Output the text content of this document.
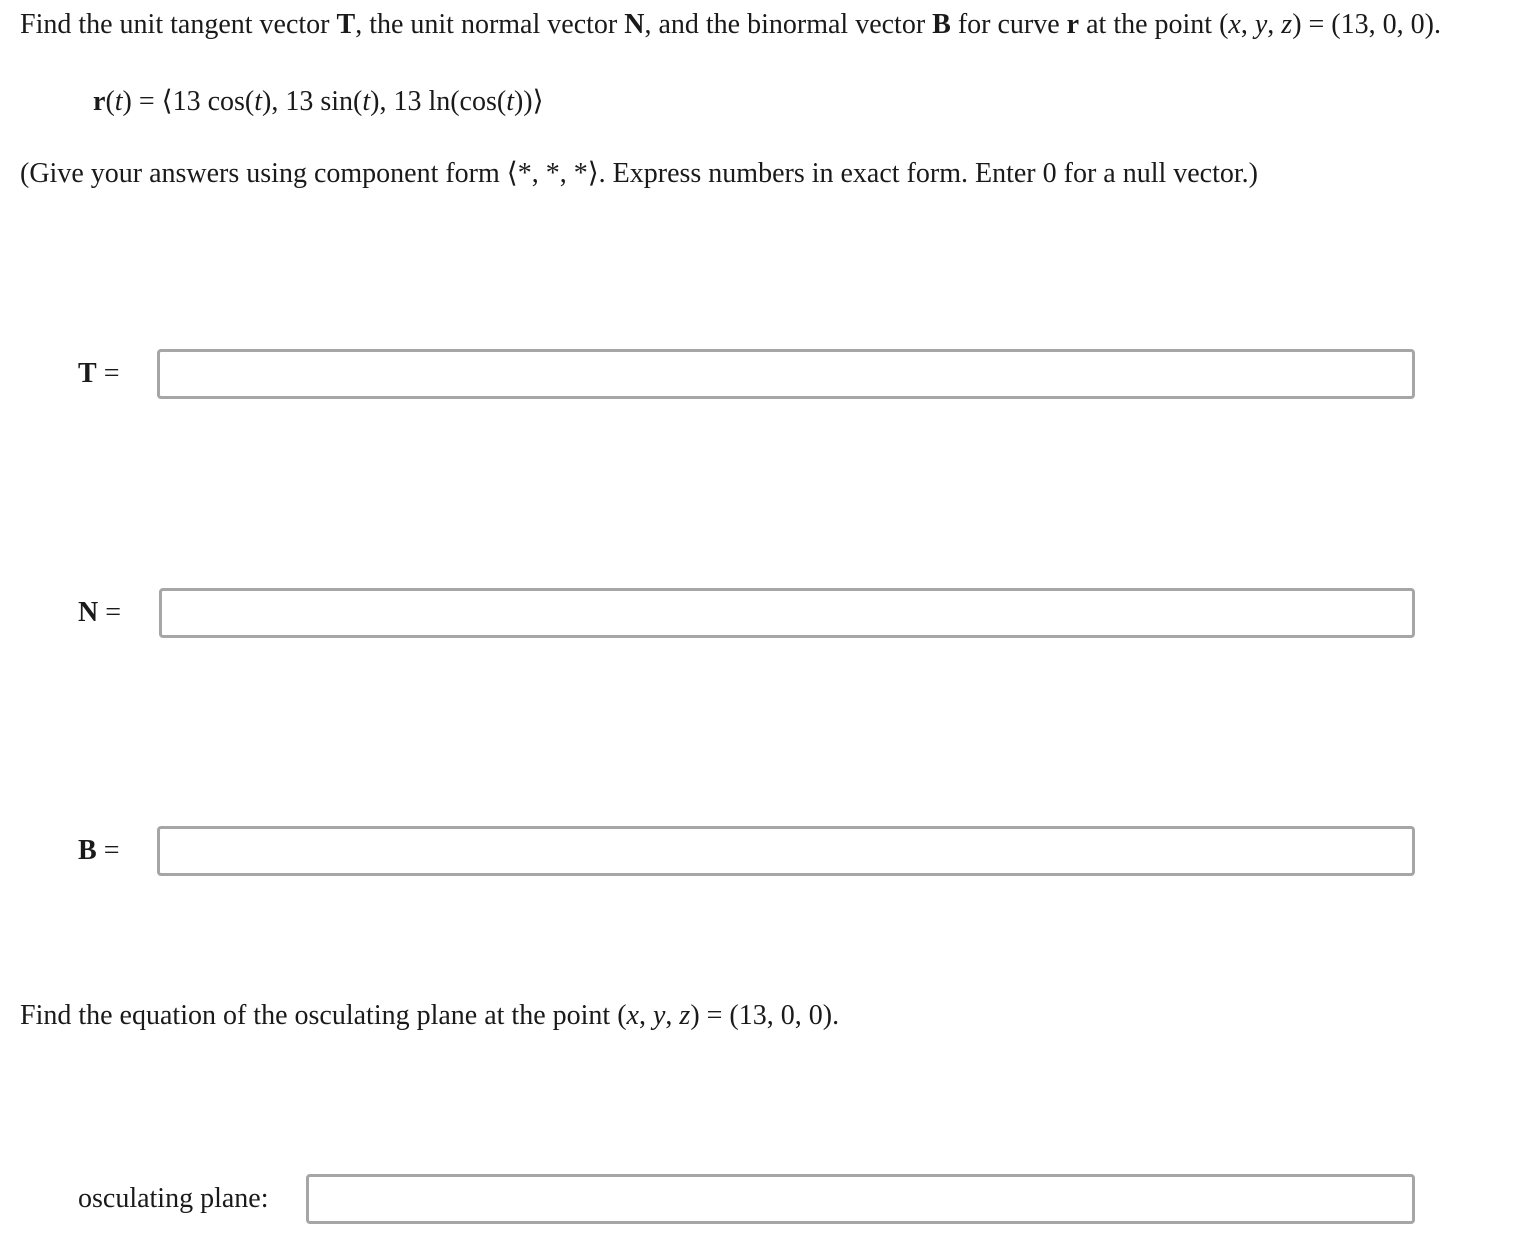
Find the unit tangent vector T, the unit normal vector N, and the binormal vector B for curve r at the point (x, y, z) = (13, 0, 0).
r(t) = ⟨13 cos(t), 13 sin(t), 13 ln(cos(t))⟩
(Give your answers using component form ⟨*, *, *⟩. Express numbers in exact form. Enter 0 for a null vector.)
T =
N =
B =
Find the equation of the osculating plane at the point (x, y, z) = (13, 0, 0).
osculating plane:
